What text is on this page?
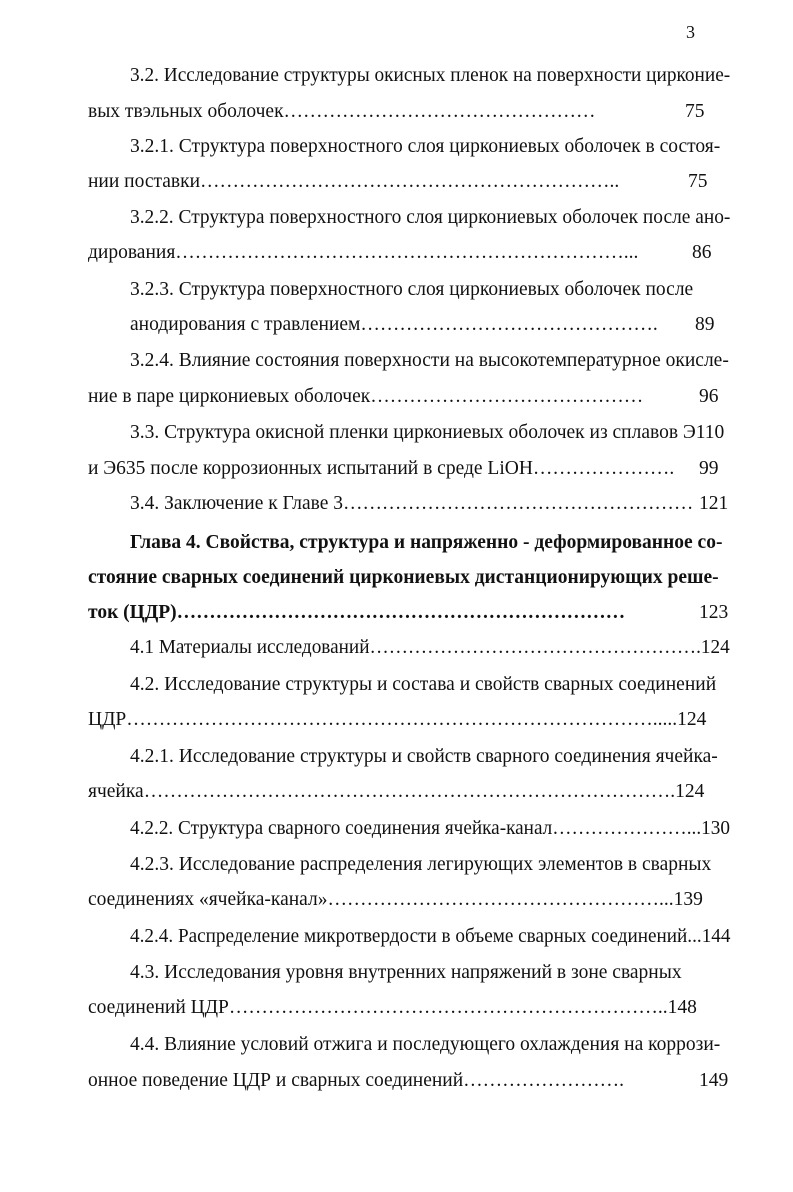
3
3.2. Исследование структуры окисных пленок на поверхности цирконие-
вых твэльных оболочек…………………………………………	75
3.2.1. Структура поверхностного слоя циркониевых оболочек в состоя-
нии поставки………………………………………………………..	75
3.2.2. Структура поверхностного слоя циркониевых оболочек после ано-
дирования……………………………………………………………...	86
3.2.3. Структура поверхностного слоя циркониевых оболочек после
анодирования с травлением………………………………………. 89
3.2.4. Влияние состояния поверхности на высокотемпературное окисле-
ние в паре циркониевых оболочек……………………………………	96
3.3. Структура окисной пленки циркониевых оболочек из сплавов Э110
и Э635 после коррозионных испытаний в среде LiOH…………………. 99
3.4. Заключение к Главе 3……………………………………………… 121
Глава 4. Свойства, структура и напряженно - деформированное со-
стояние сварных соединений циркониевых дистанционирующих реше-
ток (ЦДР)……………………………………………………………	123
4.1 Материалы исследований…………………………………………….124
4.2. Исследование структуры и состава и свойств сварных соединений
ЦДР……………………………………………………………………….....124
4.2.1. Исследование структуры и свойств сварного соединения ячейка-
ячейка……………………………………………………………………….124
4.2.2. Структура сварного соединения ячейка-канал…………………...130
4.2.3. Исследование распределения легирующих элементов в сварных
соединениях «ячейка-канал»……………………………………………...139
4.2.4. Распределение микротвердости в объеме сварных соединений...144
4.3. Исследования уровня внутренних напряжений в зоне сварных
соединений ЦДР…………………………………………………………..148
4.4. Влияние условий отжига и последующего охлаждения на коррози-
онное поведение ЦДР и сварных соединений…………………….	149
